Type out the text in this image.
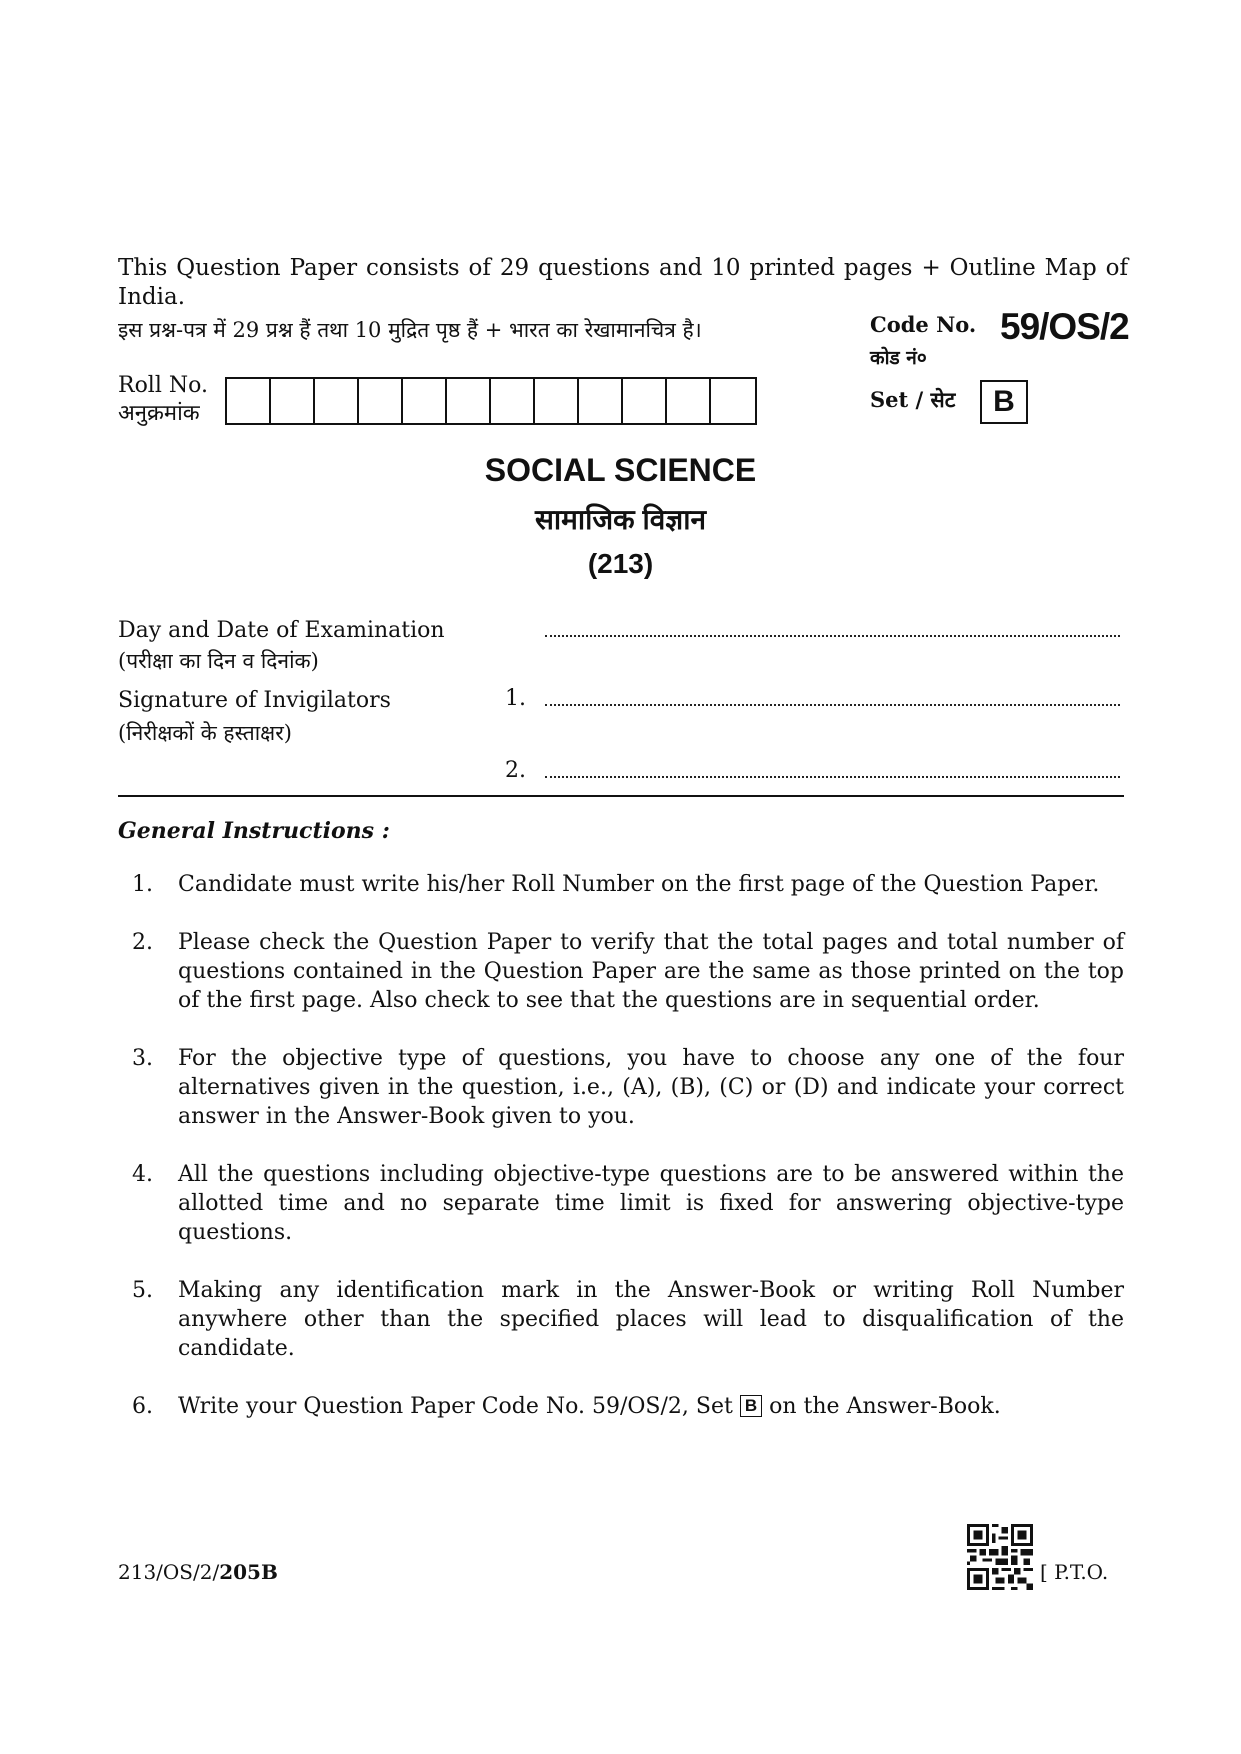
This Question Paper consists of 29 questions and 10 printed pages + Outline Map of India.
इस प्रश्न-पत्र में 29 प्रश्न हैं तथा 10 मुद्रित पृष्ठ हैं + भारत का रेखामानचित्र है।	Code No.
कोड नं०
59/OS/2
Roll No.
अनुक्रमांक
Set / सेट	B
SOCIAL SCIENCE
सामाजिक विज्ञान
(213)
Day and Date of Examination
(परीक्षा का दिन व दिनांक)
Signature of Invigilators
(निरीक्षकों के हस्ताक्षर)
1.
2.
General Instructions :
1. Candidate must write his/her Roll Number on the first page of the Question Paper.
2. Please check the Question Paper to verify that the total pages and total number of questions contained in the Question Paper are the same as those printed on the top of the first page. Also check to see that the questions are in sequential order.
3. For the objective type of questions, you have to choose any one of the four alternatives given in the question, i.e., (A), (B), (C) or (D) and indicate your correct answer in the Answer-Book given to you.
4. All the questions including objective-type questions are to be answered within the allotted time and no separate time limit is fixed for answering objective-type questions.
5. Making any identification mark in the Answer-Book or writing Roll Number anywhere other than the specified places will lead to disqualification of the candidate.
6. Write your Question Paper Code No. 59/OS/2, Set B on the Answer-Book.
213/OS/2/205B	[ P.T.O.
